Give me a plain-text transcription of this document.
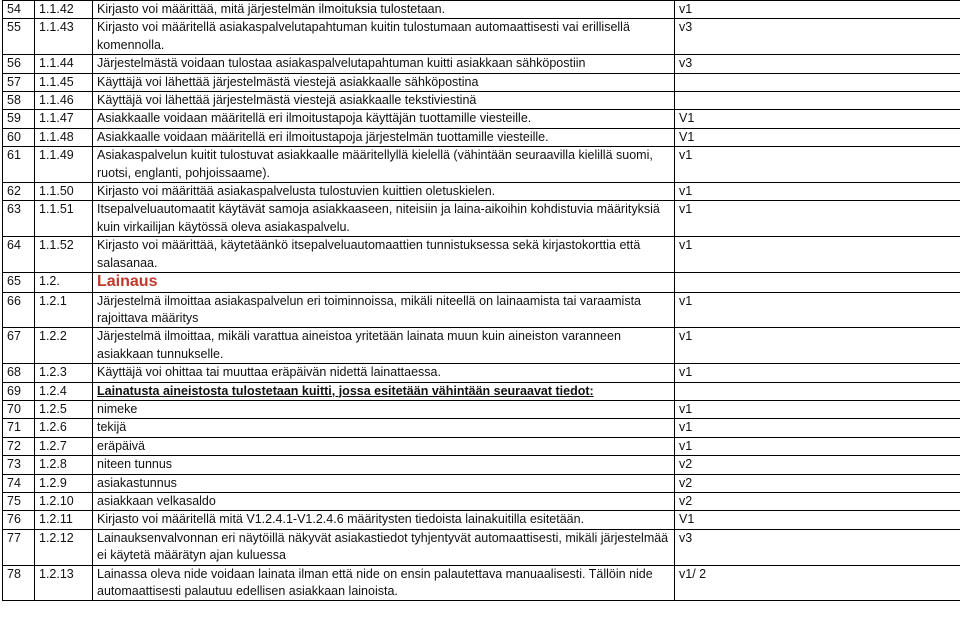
54	1.1.42	Kirjasto voi määrittää, mitä järjestelmän ilmoituksia tulostetaan.	v1
55	1.1.43	Kirjasto voi määritellä asiakaspalvelutapahtuman kuitin tulostumaan automaattisesti vai erillisellä komennolla.	v3
56	1.1.44	Järjestelmästä voidaan tulostaa asiakaspalvelutapahtuman kuitti asiakkaan sähköpostiin	v3
57	1.1.45	Käyttäjä voi lähettää järjestelmästä viestejä asiakkaalle sähköpostina	
58	1.1.46	Käyttäjä voi lähettää järjestelmästä viestejä asiakkaalle tekstiviestinä	
59	1.1.47	Asiakkaalle voidaan määritellä eri ilmoitustapoja käyttäjän tuottamille viesteille.	V1
60	1.1.48	Asiakkaalle voidaan määritellä eri ilmoitustapoja järjestelmän tuottamille viesteille.	V1
61	1.1.49	Asiakaspalvelun kuitit tulostuvat asiakkaalle määritellyllä kielellä (vähintään seuraavilla kielillä suomi, ruotsi, englanti, pohjoissaame).	v1
62	1.1.50	Kirjasto voi määrittää asiakaspalvelusta tulostuvien kuittien oletuskielen.	v1
63	1.1.51	Itsepalveluautomaatit käytävät samoja asiakkaaseen, niteisiin ja laina-aikoihin kohdistuvia määrityksiä kuin virkailijan käytössä oleva asiakaspalvelu.	v1
64	1.1.52	Kirjasto voi määrittää, käytetäänkö itsepalveluautomaattien tunnistuksessa sekä kirjastokorttia että salasanaa.	v1
65	1.2.	Lainaus	
66	1.2.1	Järjestelmä ilmoittaa asiakaspalvelun eri toiminnoissa, mikäli niteellä on lainaamista tai varaamista rajoittava määritys	v1
67	1.2.2	Järjestelmä ilmoittaa, mikäli varattua aineistoa yritetään lainata muun kuin aineiston varanneen asiakkaan tunnukselle.	v1
68	1.2.3	Käyttäjä voi ohittaa tai muuttaa eräpäivän nidettä lainattaessa.	v1
69	1.2.4	Lainatusta aineistosta tulostetaan kuitti, jossa esitetään vähintään seuraavat tiedot:	
70	1.2.5	nimeke	v1
71	1.2.6	tekijä	v1
72	1.2.7	eräpäivä	v1
73	1.2.8	niteen tunnus	v2
74	1.2.9	asiakastunnus	v2
75	1.2.10	asiakkaan velkasaldo	v2
76	1.2.11	Kirjasto voi määritellä mitä V1.2.4.1-V1.2.4.6 määritysten tiedoista lainakuitilla esitetään.	V1
77	1.2.12	Lainauksenvalvonnan eri näytöillä näkyvät asiakastiedot tyhjentyvät automaattisesti, mikäli järjestelmää ei käytetä määrätyn ajan kuluessa	v3
78	1.2.13	Lainassa oleva nide voidaan lainata ilman että nide on ensin palautettava manuaalisesti. Tällöin nide automaattisesti palautuu edellisen asiakkaan lainoista.	v1/ 2
